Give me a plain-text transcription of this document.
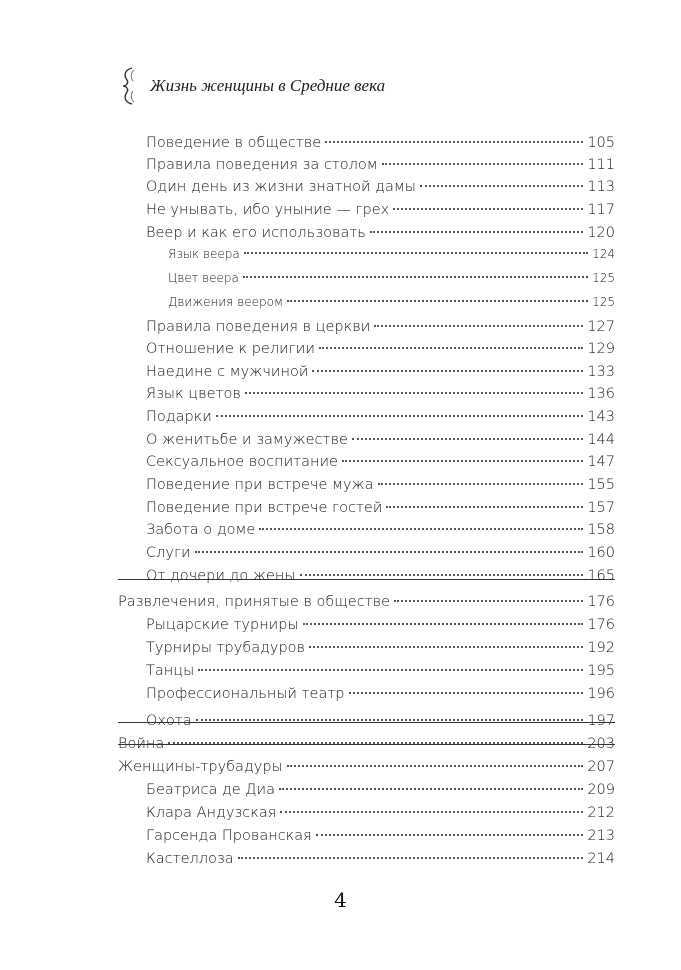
Жизнь женщины в Средние века
Поведение в обществе	105
Правила поведения за столом	111
Один день из жизни знатной дамы	113
Не унывать, ибо уныние — грех	117
Веер и как его использовать	120
Язык веера	124
Цвет веера	125
Движения веером	125
Правила поведения в церкви	127
Отношение к религии	129
Наедине с мужчиной	133
Язык цветов	136
Подарки	143
О женитьбе и замужестве	144
Сексуальное воспитание	147
Поведение при встрече мужа	155
Поведение при встрече гостей	157
Забота о доме	158
Слуги	160
От дочери до жены	165
Развлечения, принятые в обществе	176
Рыцарские турниры	176
Турниры трубадуров	192
Танцы	195
Профессиональный театр	196
Охота	197
Война	203
Женщины-трубадуры	207
Беатриса де Диа	209
Клара Андузская	212
Гарсенда Прованская	213
Кастеллоза	214
4
